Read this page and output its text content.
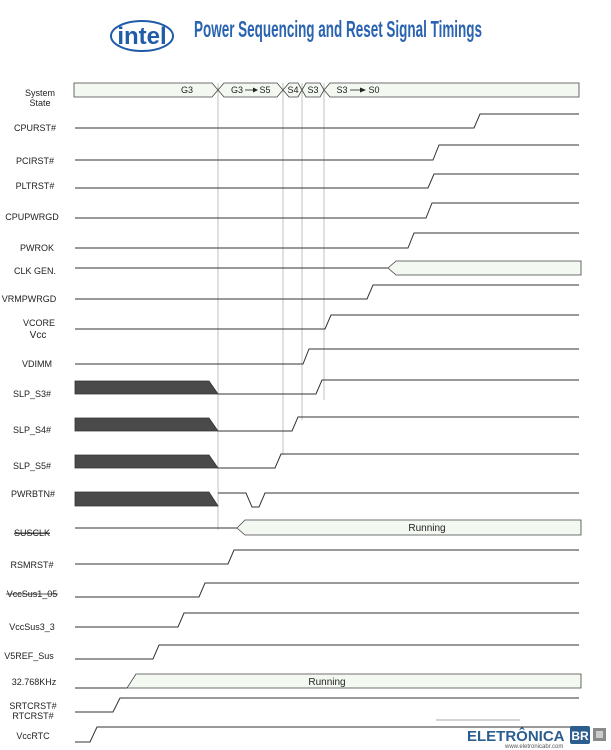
intel Power Sequencing and Reset Signal Timings
System
State
G3	G3 S5 S4 S3 S3 S0
CPURST#
PCIRST#
PLTRST#
CPUPWRGD
PWROK
CLK GEN.
VRMPWRGD
VCORE
Vcc
VDIMM
SLP_S3#
SLP_S4#
SLP_S5#
PWRBTN#
SUSCLK
RSMRST#
VccSus1_05
VccSus3_3
V5REF_Sus
32.768KHz
SRTCRST#
RTCRST#
VccRTC
Running
Running
ELETRÔNICA BR
www.eletronicabr.com
